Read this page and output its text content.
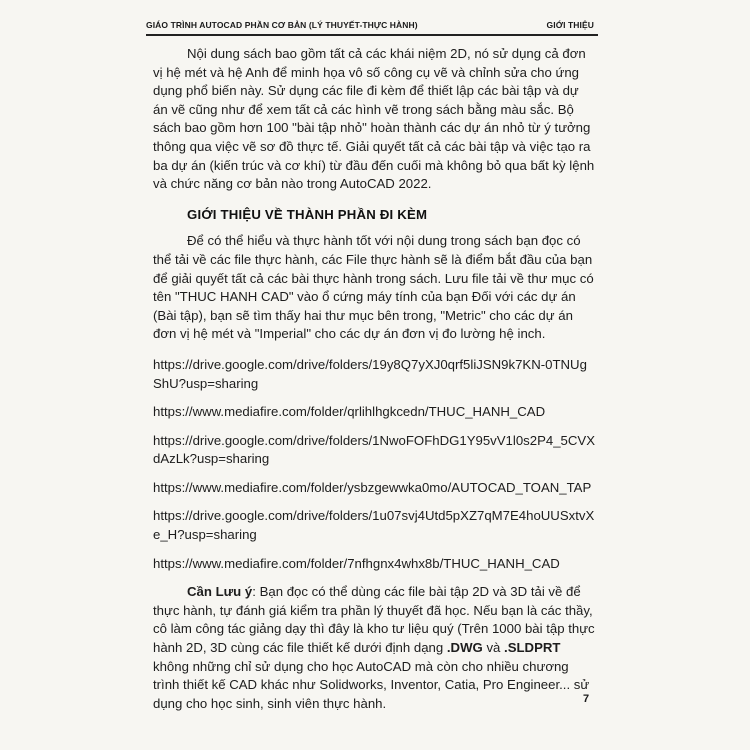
GIÁO TRÌNH AUTOCAD PHẦN CƠ BẢN (LÝ THUYẾT-THỰC HÀNH)	GIỚI THIỆU

Nội dung sách bao gồm tất cả các khái niệm 2D, nó sử dụng cả đơn vị hệ mét và hệ Anh để minh họa vô số công cụ vẽ và chỉnh sửa cho ứng dụng phổ biến này. Sử dụng các file đi kèm để thiết lập các bài tập và dự án vẽ cũng như để xem tất cả các hình vẽ trong sách bằng màu sắc. Bộ sách bao gồm hơn 100 "bài tập nhỏ" hoàn thành các dự án nhỏ từ ý tưởng thông qua việc vẽ sơ đồ thực tế. Giải quyết tất cả các bài tập và việc tạo ra ba dự án (kiến trúc và cơ khí) từ đầu đến cuối mà không bỏ qua bất kỳ lệnh và chức năng cơ bản nào trong AutoCAD 2022.

GIỚI THIỆU VỀ THÀNH PHẦN ĐI KÈM

Để có thể hiểu và thực hành tốt với nội dung trong sách bạn đọc có thể tải về các file thực hành, các File thực hành sẽ là điểm bắt đầu của bạn để giải quyết tất cả các bài thực hành trong sách. Lưu file tải về thư mục có tên "THUC HANH CAD" vào ổ cứng máy tính của bạn Đối với các dự án (Bài tập), bạn sẽ tìm thấy hai thư mục bên trong, "Metric" cho các dự án đơn vị hệ mét và "Imperial" cho các dự án đơn vị đo lường hệ inch.

https://drive.google.com/drive/folders/19y8Q7yXJ0qrf5liJSN9k7KN-0TNUgShU?usp=sharing

https://www.mediafire.com/folder/qrlihlhgkcedn/THUC_HANH_CAD

https://drive.google.com/drive/folders/1NwoFOFhDG1Y95vV1l0s2P4_5CVXdAzLk?usp=sharing

https://www.mediafire.com/folder/ysbzgewwka0mo/AUTOCAD_TOAN_TAP

https://drive.google.com/drive/folders/1u07svj4Utd5pXZ7qM7E4hoUUSxtvXe_H?usp=sharing

https://www.mediafire.com/folder/7nfhgnx4whx8b/THUC_HANH_CAD

Cần Lưu ý: Bạn đọc có thể dùng các file bài tập 2D và 3D tải về để thực hành, tự đánh giá kiểm tra phần lý thuyết đã học. Nếu bạn là các thầy, cô làm công tác giảng dạy thì đây là kho tư liệu quý (Trên 1000 bài tập thực hành 2D, 3D cùng các file thiết kế dưới định dạng .DWG và .SLDPRT không những chỉ sử dụng cho học AutoCAD mà còn cho nhiều chương trình thiết kế CAD khác như Solidworks, Inventor, Catia, Pro Engineer... sử dụng cho học sinh, sinh viên thực hành.	7
